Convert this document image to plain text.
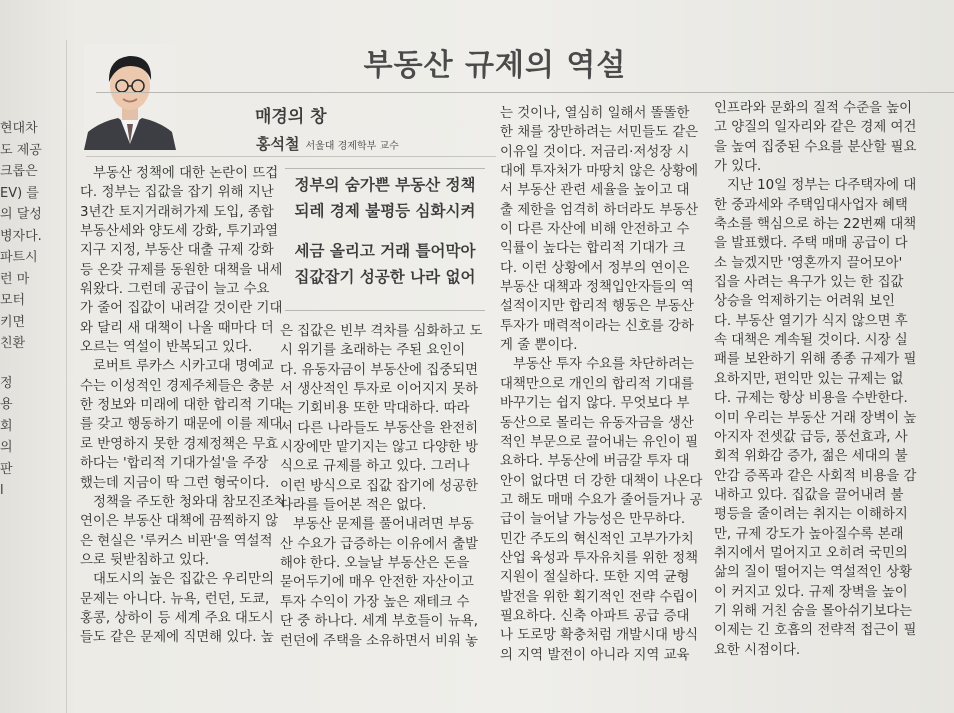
현대차
도 제공
크롭은
EV) 를
의 달성
병자다.
파트시
런 마
모터
키면
친환
정
용
회
의
판
l
부동산 규제의 역설
매경의 창
홍석철 서울대 경제학부 교수
정부의 숨가쁜 부동산 정책
되레 경제 불평등 심화시켜
세금 올리고 거래 틀어막아
집값잡기 성공한 나라 없어
부동산 정책에 대한 논란이 뜨겁
다. 정부는 집값을 잡기 위해 지난
3년간 토지거래허가제 도입, 종합
부동산세와 양도세 강화, 투기과열
지구 지정, 부동산 대출 규제 강화
등 온갖 규제를 동원한 대책을 내세
워왔다. 그런데 공급이 늘고 수요
가 줄어 집값이 내려갈 것이란 기대
와 달리 새 대책이 나올 때마다 더
오르는 역설이 반복되고 있다.
로버트 루카스 시카고대 명예교
수는 이성적인 경제주체들은 충분
한 정보와 미래에 대한 합리적 기대
를 갖고 행동하기 때문에 이를 제대
로 반영하지 못한 경제정책은 무효
하다는 '합리적 기대가설'을 주장
했는데 지금이 딱 그런 형국이다.
정책을 주도한 청와대 참모진조차
연이은 부동산 대책에 끔찍하지 않
은 현실은 '루커스 비판'을 역설적
으로 뒷받침하고 있다.
대도시의 높은 집값은 우리만의
문제는 아니다. 뉴욕, 런던, 도쿄,
홍콩, 상하이 등 세계 주요 대도시
들도 같은 문제에 직면해 있다. 높
은 집값은 빈부 격차를 심화하고 도
시 위기를 초래하는 주된 요인이
다. 유동자금이 부동산에 집중되면
서 생산적인 투자로 이어지지 못하
는 기회비용 또한 막대하다. 따라
서 다른 나라들도 부동산을 완전히
시장에만 맡기지는 않고 다양한 방
식으로 규제를 하고 있다. 그러나
이런 방식으로 집값 잡기에 성공한
나라를 들어본 적은 없다.
부동산 문제를 풀어내려면 부동
산 수요가 급증하는 이유에서 출발
해야 한다. 오늘날 부동산은 돈을
묻어두기에 매우 안전한 자산이고
투자 수익이 가장 높은 재테크 수
단 중 하나다. 세계 부호들이 뉴욕,
런던에 주택을 소유하면서 비워 놓
는 것이나, 열심히 일해서 똘똘한
한 채를 장만하려는 서민들도 같은
이유일 것이다. 저금리·저성장 시
대에 투자처가 마땅치 않은 상황에
서 부동산 관련 세율을 높이고 대
출 제한을 엄격히 하더라도 부동산
이 다른 자산에 비해 안전하고 수
익률이 높다는 합리적 기대가 크
다. 이런 상황에서 정부의 연이은
부동산 대책과 정책입안자들의 역
설적이지만 합리적 행동은 부동산
투자가 매력적이라는 신호를 강하
게 줄 뿐이다.
부동산 투자 수요를 차단하려는
대책만으로 개인의 합리적 기대를
바꾸기는 쉽지 않다. 무엇보다 부
동산으로 몰리는 유동자금을 생산
적인 부문으로 끌어내는 유인이 필
요하다. 부동산에 버금갈 투자 대
안이 없다면 더 강한 대책이 나온다
고 해도 매매 수요가 줄어들거나 공
급이 늘어날 가능성은 만무하다.
민간 주도의 혁신적인 고부가가치
산업 육성과 투자유치를 위한 정책
지원이 절실하다. 또한 지역 균형
발전을 위한 획기적인 전략 수립이
필요하다. 신축 아파트 공급 증대
나 도로망 확충처럼 개발시대 방식
의 지역 발전이 아니라 지역 교육
인프라와 문화의 질적 수준을 높이
고 양질의 일자리와 같은 경제 여건
을 높여 집중된 수요를 분산할 필요
가 있다.
지난 10일 정부는 다주택자에 대
한 중과세와 주택임대사업자 혜택
축소를 핵심으로 하는 22번째 대책
을 발표했다. 주택 매매 공급이 다
소 늘겠지만 '영혼까지 끌어모아'
집을 사려는 욕구가 있는 한 집값
상승을 억제하기는 어려워 보인
다. 부동산 열기가 식지 않으면 후
속 대책은 계속될 것이다. 시장 실
패를 보완하기 위해 종종 규제가 필
요하지만, 편익만 있는 규제는 없
다. 규제는 항상 비용을 수반한다.
이미 우리는 부동산 거래 장벽이 높
아지자 전셋값 급등, 풍선효과, 사
회적 위화감 증가, 젊은 세대의 불
안감 증폭과 같은 사회적 비용을 감
내하고 있다. 집값을 끌어내려 불
평등을 줄이려는 취지는 이해하지
만, 규제 강도가 높아질수록 본래
취지에서 멀어지고 오히려 국민의
삶의 질이 떨어지는 역설적인 상황
이 커지고 있다. 규제 장벽을 높이
기 위해 거친 숨을 몰아쉬기보다는
이제는 긴 호흡의 전략적 접근이 필
요한 시점이다.
